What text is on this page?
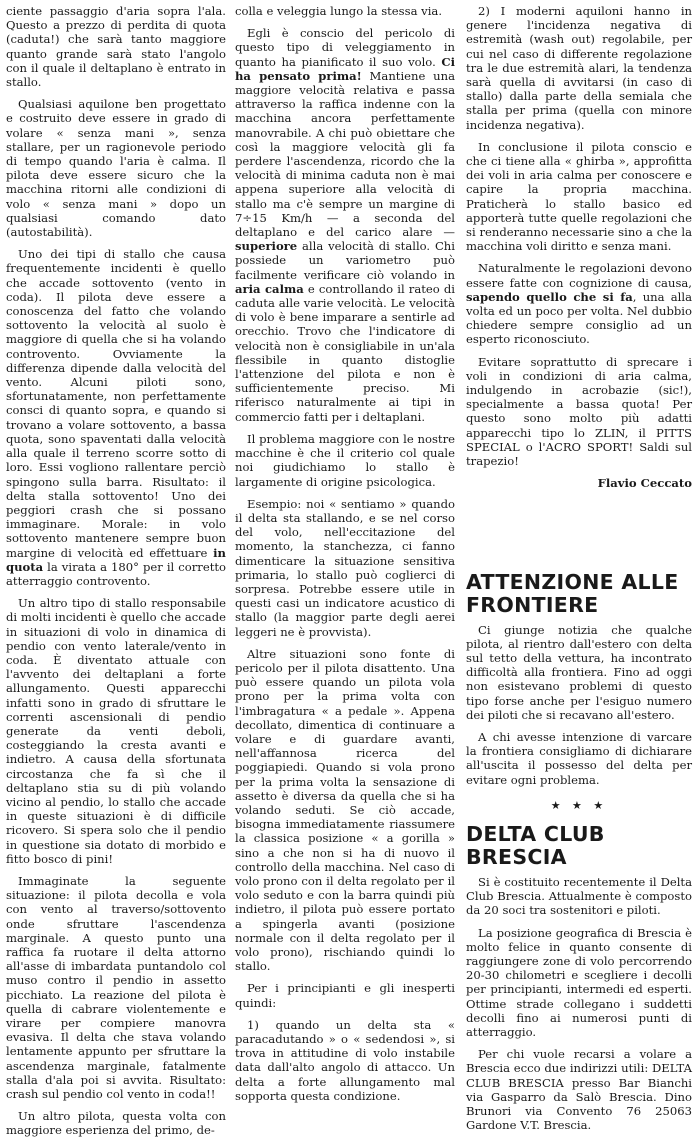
ciente passaggio d'aria sopra l'ala. Questo a prezzo di perdita di quota (caduta!) che sarà tanto maggiore quanto grande sarà stato l'angolo con il quale il deltaplano è entrato in stallo.

Qualsiasi aquilone ben progettato e costruito deve essere in grado di volare « senza mani », senza stallare, per un ragionevole periodo di tempo quando l'aria è calma. Il pilota deve essere sicuro che la macchina ritorni alle condizioni di volo « senza mani » dopo un qualsiasi comando dato (autostabilità).

Uno dei tipi di stallo che causa frequentemente incidenti è quello che accade sottovento (vento in coda). Il pilota deve essere a conoscenza del fatto che volando sottovento la velocità al suolo è maggiore di quella che si ha volando controvento. Ovviamente la differenza dipende dalla velocità del vento. Alcuni piloti sono, sfortunatamente, non perfettamente consci di quanto sopra, e quando si trovano a volare sottovento, a bassa quota, sono spaventati dalla velocità alla quale il terreno scorre sotto di loro. Essi vogliono rallentare perciò spingono sulla barra. Risultato: il delta stalla sottovento! Uno dei peggiori crash che si possano immaginare. Morale: in volo sottovento mantenere sempre buon margine di velocità ed effettuare in quota la virata a 180° per il corretto atterraggio controvento.

Un altro tipo di stallo responsabile di molti incidenti è quello che accade in situazioni di volo in dinamica di pendio con vento laterale/vento in coda. È diventato attuale con l'avvento dei deltaplani a forte allungamento. Questi apparecchi infatti sono in grado di sfruttare le correnti ascensionali di pendio generate da venti deboli, costeggiando la cresta avanti e indietro. A causa della sfortunata circostanza che fa sì che il deltaplano stia su di più volando vicino al pendio, lo stallo che accade in queste situazioni è di difficile ricovero. Si spera solo che il pendio in questione sia dotato di morbido e fitto bosco di pini!

Immaginate la seguente situazione: il pilota decolla e vola con vento al traverso/sottovento onde sfruttare l'ascendenza marginale. A questo punto una raffica fa ruotare il delta attorno all'asse di imbardata puntandolo col muso contro il pendio in assetto picchiato. La reazione del pilota è quella di cabrare violentemente e virare per compiere manovra evasiva. Il delta che stava volando lentamente appunto per sfruttare la ascendenza marginale, fatalmente stalla d'ala poi si avvita. Risultato: crash sul pendio col vento in coda!!

Un altro pilota, questa volta con maggiore esperienza del primo, de-

colla e veleggia lungo la stessa via.

Egli è conscio del pericolo di questo tipo di veleggiamento in quanto ha pianificato il suo volo. Ci ha pensato prima! Mantiene una maggiore velocità relativa e passa attraverso la raffica indenne con la macchina ancora perfettamente manovrabile. A chi può obiettare che così la maggiore velocità gli fa perdere l'ascendenza, ricordo che la velocità di minima caduta non è mai appena superiore alla velocità di stallo ma c'è sempre un margine di 7÷15 Km/h — a seconda del deltaplano e del carico alare — superiore alla velocità di stallo. Chi possiede un variometro può facilmente verificare ciò volando in aria calma e controllando il rateo di caduta alle varie velocità. Le velocità di volo è bene imparare a sentirle ad orecchio. Trovo che l'indicatore di velocità non è consigliabile in un'ala flessibile in quanto distoglie l'attenzione del pilota e non è sufficientemente preciso. Mi riferisco naturalmente ai tipi in commercio fatti per i deltaplani.

Il problema maggiore con le nostre macchine è che il criterio col quale noi giudichiamo lo stallo è largamente di origine psicologica.

Esempio: noi « sentiamo » quando il delta sta stallando, e se nel corso del volo, nell'eccitazione del momento, la stanchezza, ci fanno dimenticare la situazione sensitiva primaria, lo stallo può coglierci di sorpresa. Potrebbe essere utile in questi casi un indicatore acustico di stallo (la maggior parte degli aerei leggeri ne è provvista).

Altre situazioni sono fonte di pericolo per il pilota disattento. Una può essere quando un pilota vola prono per la prima volta con l'imbragatura « a pedale ». Appena decollato, dimentica di continuare a volare e di guardare avanti, nell'affannosa ricerca del poggiapiedi. Quando si vola prono per la prima volta la sensazione di assetto è diversa da quella che si ha volando seduti. Se ciò accade, bisogna immediatamente riassumere la classica posizione « a gorilla » sino a che non si ha di nuovo il controllo della macchina. Nel caso di volo prono con il delta regolato per il volo seduto e con la barra quindi più indietro, il pilota può essere portato a spingerla avanti (posizione normale con il delta regolato per il volo prono), rischiando quindi lo stallo.

Per i principianti e gli inesperti quindi:

1) quando un delta sta « paracadutando » o « sedendosi », si trova in attitudine di volo instabile data dall'alto angolo di attacco. Un delta a forte allungamento mal sopporta questa condizione.

2) I moderni aquiloni hanno in genere l'incidenza negativa di estremità (wash out) regolabile, per cui nel caso di differente regolazione tra le due estremità alari, la tendenza sarà quella di avvitarsi (in caso di stallo) dalla parte della semiala che stalla per prima (quella con minore incidenza negativa).

In conclusione il pilota conscio e che ci tiene alla « ghirba », approfitta dei voli in aria calma per conoscere e capire la propria macchina. Praticherà lo stallo basico ed apporterà tutte quelle regolazioni che si renderanno necessarie sino a che la macchina voli diritto e senza mani.

Naturalmente le regolazioni devono essere fatte con cognizione di causa, sapendo quello che si fa, una alla volta ed un poco per volta. Nel dubbio chiedere sempre consiglio ad un esperto riconosciuto.

Evitare soprattutto di sprecare i voli in condizioni di aria calma, indulgendo in acrobazie (sic!), specialmente a bassa quota! Per questo sono molto più adatti apparecchi tipo lo ZLIN, il PITTS SPECIAL o l'ACRO SPORT! Saldi sul trapezio!

Flavio Ceccato

ATTENZIONE ALLE FRONTIERE

Ci giunge notizia che qualche pilota, al rientro dall'estero con delta sul tetto della vettura, ha incontrato difficoltà alla frontiera. Fino ad oggi non esistevano problemi di questo tipo forse anche per l'esiguo numero dei piloti che si recavano all'estero.

A chi avesse intenzione di varcare la frontiera consigliamo di dichiarare all'uscita il possesso del delta per evitare ogni problema.

★ ★ ★
DELTA CLUB BRESCIA

Si è costituito recentemente il Delta Club Brescia. Attualmente è composto da 20 soci tra sostenitori e piloti.

La posizione geografica di Brescia è molto felice in quanto consente di raggiungere zone di volo percorrendo 20-30 chilometri e scegliere i decolli per principianti, intermedi ed esperti. Ottime strade collegano i suddetti decolli fino ai numerosi punti di atterraggio.

Per chi vuole recarsi a volare a Brescia ecco due indirizzi utili: DELTA CLUB BRESCIA presso Bar Bianchi via Gasparro da Salò Brescia. Dino Brunori via Convento 76 25063 Gardone V.T. Brescia.
